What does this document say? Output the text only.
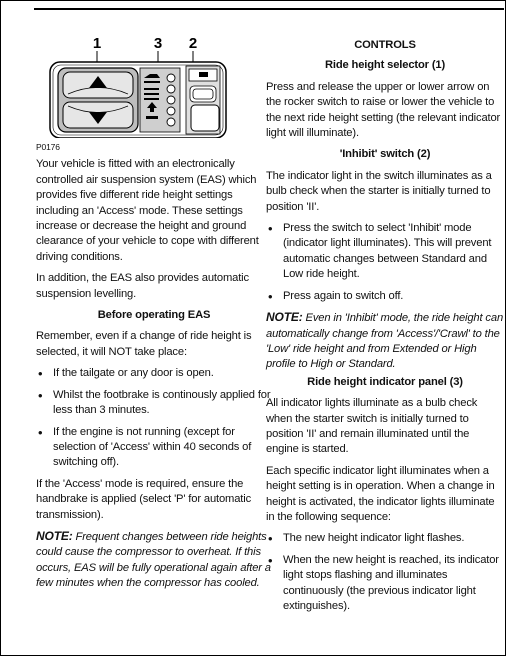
1	3 2
P0176

Your vehicle is fitted with an electronically controlled air suspension system (EAS) which provides five different ride height settings including an 'Access' mode. These settings increase or decrease the height and ground clearance of your vehicle to cope with different driving conditions.

In addition, the EAS also provides automatic suspension levelling.

Before operating EAS

Remember, even if a change of ride height is selected, it will NOT take place:

• If the tailgate or any door is open.
• Whilst the footbrake is continously applied for less than 3 minutes.
• If the engine is not running (except for selection of 'Access' within 40 seconds of switching off).

If the 'Access' mode is required, ensure the handbrake is applied (select 'P' for automatic transmission).

NOTE: Frequent changes between ride heights could cause the compressor to overheat. If this occurs, EAS will be fully operational again after a few minutes when the compressor has cooled.

CONTROLS

Ride height selector (1)

Press and release the upper or lower arrow on the rocker switch to raise or lower the vehicle to the next ride height setting (the relevant indicator light will illuminate).

'Inhibit' switch (2)

The indicator light in the switch illuminates as a bulb check when the starter is initially turned to position 'II'.

• Press the switch to select 'Inhibit' mode (indicator light illuminates). This will prevent automatic changes between Standard and Low ride height.
• Press again to switch off.

NOTE: Even in 'Inhibit' mode, the ride height can automatically change from 'Access'/'Crawl' to the 'Low' ride height and from Extended or High profile to High or Standard.

Ride height indicator panel (3)

All indicator lights illuminate as a bulb check when the starter switch is initially turned to position 'II' and remain illuminated until the engine is started.

Each specific indicator light illuminates when a height setting is in operation. When a change in height is activated, the indicator lights illuminate in the following sequence:

• The new height indicator light flashes.
• When the new height is reached, its indicator light stops flashing and illuminates continuously (the previous indicator light extinguishes).
